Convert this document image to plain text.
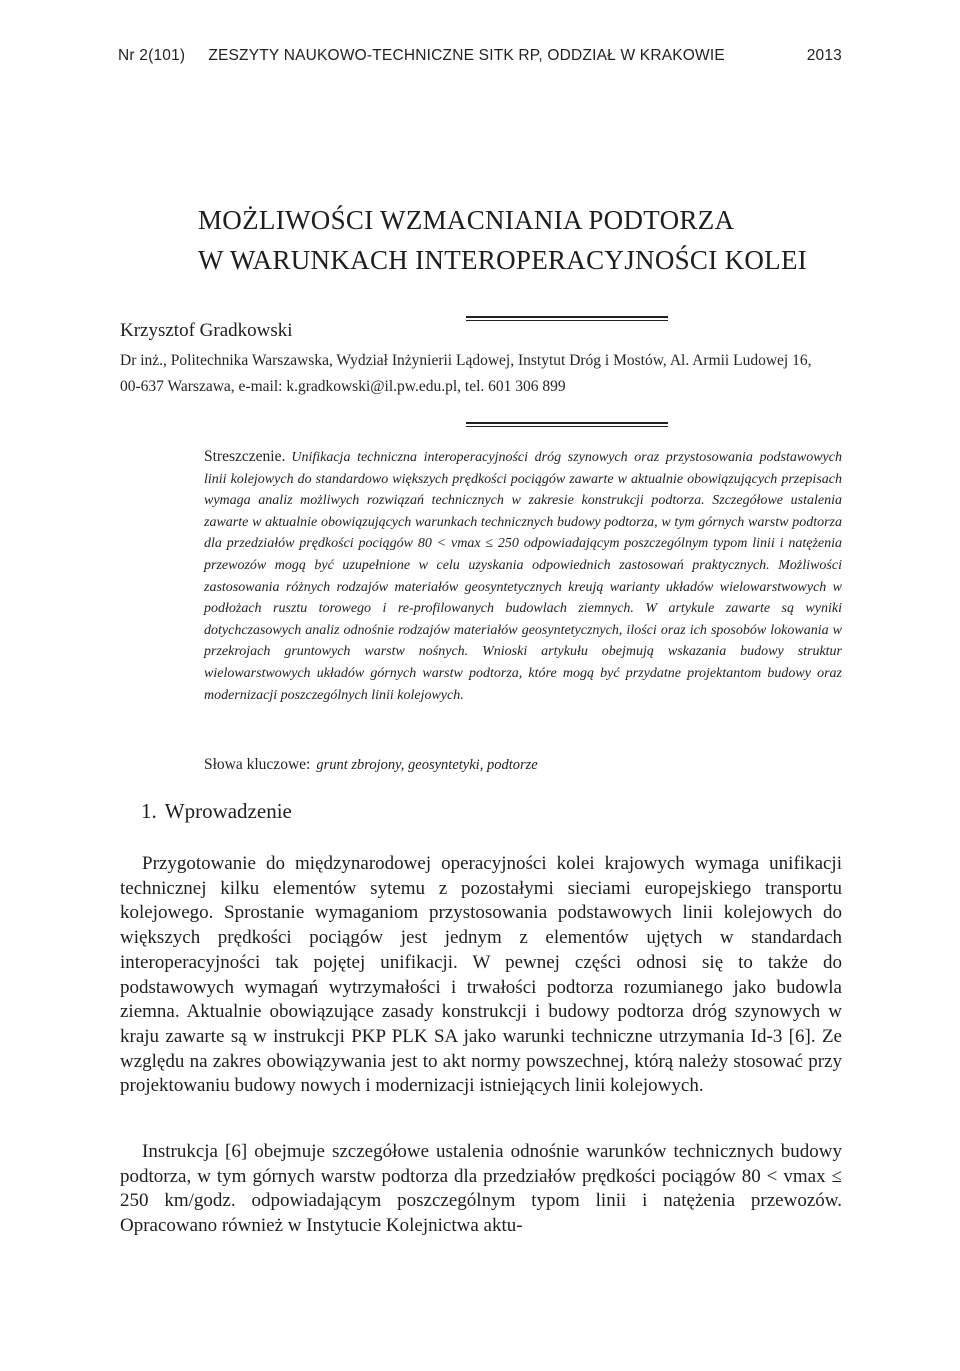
Nr 2(101) ZESZYTY NAUKOWO-TECHNICZNE SITK RP, ODDZIAŁ W KRAKOWIE	2013
MOŻLIWOŚCI WZMACNIANIA PODTORZA
W WARUNKACH INTEROPERACYJNOŚCI KOLEI
Krzysztof Gradkowski
Dr inż., Politechnika Warszawska, Wydział Inżynierii Lądowej, Instytut Dróg i Mostów, Al. Armii Ludowej 16,
00-637 Warszawa, e-mail: k.gradkowski@il.pw.edu.pl, tel. 601 306 899
Streszczenie. Unifikacja techniczna interoperacyjności dróg szynowych oraz przystosowania podstawowych linii kolejowych do standardowo większych prędkości pociągów zawarte w aktualnie obowiązujących przepisach wymaga analiz możliwych rozwiązań technicznych w zakresie konstrukcji podtorza. Szczegółowe ustalenia zawarte w aktualnie obowiązujących warunkach technicznych budowy podtorza, w tym górnych warstw podtorza dla przedziałów prędkości pociągów 80 < vmax ≤ 250 odpowiadającym poszczególnym typom linii i natężenia przewozów mogą być uzupełnione w celu uzyskania odpowiednich zastosowań praktycznych. Możliwości zastosowania różnych rodzajów materiałów geosyntetycznych kreują warianty układów wielowarstwowych w podłożach rusztu torowego i re-profilowanych budowlach ziemnych. W artykule zawarte są wyniki dotychczasowych analiz odnośnie rodzajów materiałów geosyntetycznych, ilości oraz ich sposobów lokowania w przekrojach gruntowych warstw nośnych. Wnioski artykułu obejmują wskazania budowy struktur wielowarstwowych układów górnych warstw podtorza, które mogą być przydatne projektantom budowy oraz modernizacji poszczególnych linii kolejowych.
Słowa kluczowe: grunt zbrojony, geosyntetyki, podtorze
1. Wprowadzenie

Przygotowanie do międzynarodowej operacyjności kolei krajowych wymaga unifikacji technicznej kilku elementów sytemu z pozostałymi sieciami europejskiego transportu kolejowego. Sprostanie wymaganiom przystosowania podstawowych linii kolejowych do większych prędkości pociągów jest jednym z elementów ujętych w standardach interoperacyjności tak pojętej unifikacji. W pewnej części odnosi się to także do podstawowych wymagań wytrzymałości i trwałości podtorza rozumianego jako budowla ziemna. Aktualnie obowiązujące zasady konstrukcji i budowy podtorza dróg szynowych w kraju zawarte są w instrukcji PKP PLK SA jako warunki techniczne utrzymania Id-3 [6]. Ze względu na zakres obowiązywania jest to akt normy powszechnej, którą należy stosować przy projektowaniu budowy nowych i modernizacji istniejących linii kolejowych.

Instrukcja [6] obejmuje szczegółowe ustalenia odnośnie warunków technicznych budowy podtorza, w tym górnych warstw podtorza dla przedziałów prędkości pociągów 80 < vmax ≤ 250 km/godz. odpowiadającym poszczególnym typom linii i natężenia przewozów. Opracowano również w Instytucie Kolejnictwa aktu-
